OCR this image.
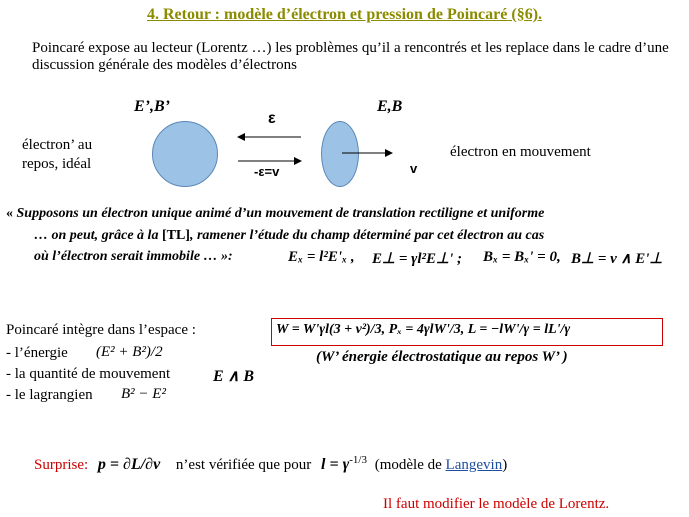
4. Retour : modèle d’électron et pression de Poincaré (§6).
Poincaré expose au lecteur (Lorentz …) les problèmes qu’il a rencontrés et les replace dans le cadre d’une discussion générale des modèles d’électrons
E’,B’	E,B
ε
-ε=v	v
électron’ au
repos, idéal
électron en mouvement
« Supposons un électron unique animé d’un mouvement de translation rectiligne et uniforme
… on peut, grâce à la [TL], ramener l’étude du champ déterminé par cet électron au cas
où l’électron serait immobile … »:	Eₓ = l²E'ₓ , E⊥ = γl²E⊥' ; Bₓ = Bₓ' = 0, B⊥ = v ∧ E'⊥
Poincaré intègre dans l’espace :	W = W'γl(3 + v²)/3, Pₓ = 4γlW'/3, L = −lW'/γ = lL'/γ
- l’énergie (E² + B²)/2
- la quantité de mouvement	E ∧ B
- le lagrangien B² − E²
(W’ énergie électrostatique au repos W’ )
Surprise: p = ∂L/∂v n’est vérifiée que pour $l = \gamma^{-1/3}$ (modèle de Langevin)
Il faut modifier le modèle de Lorentz.
